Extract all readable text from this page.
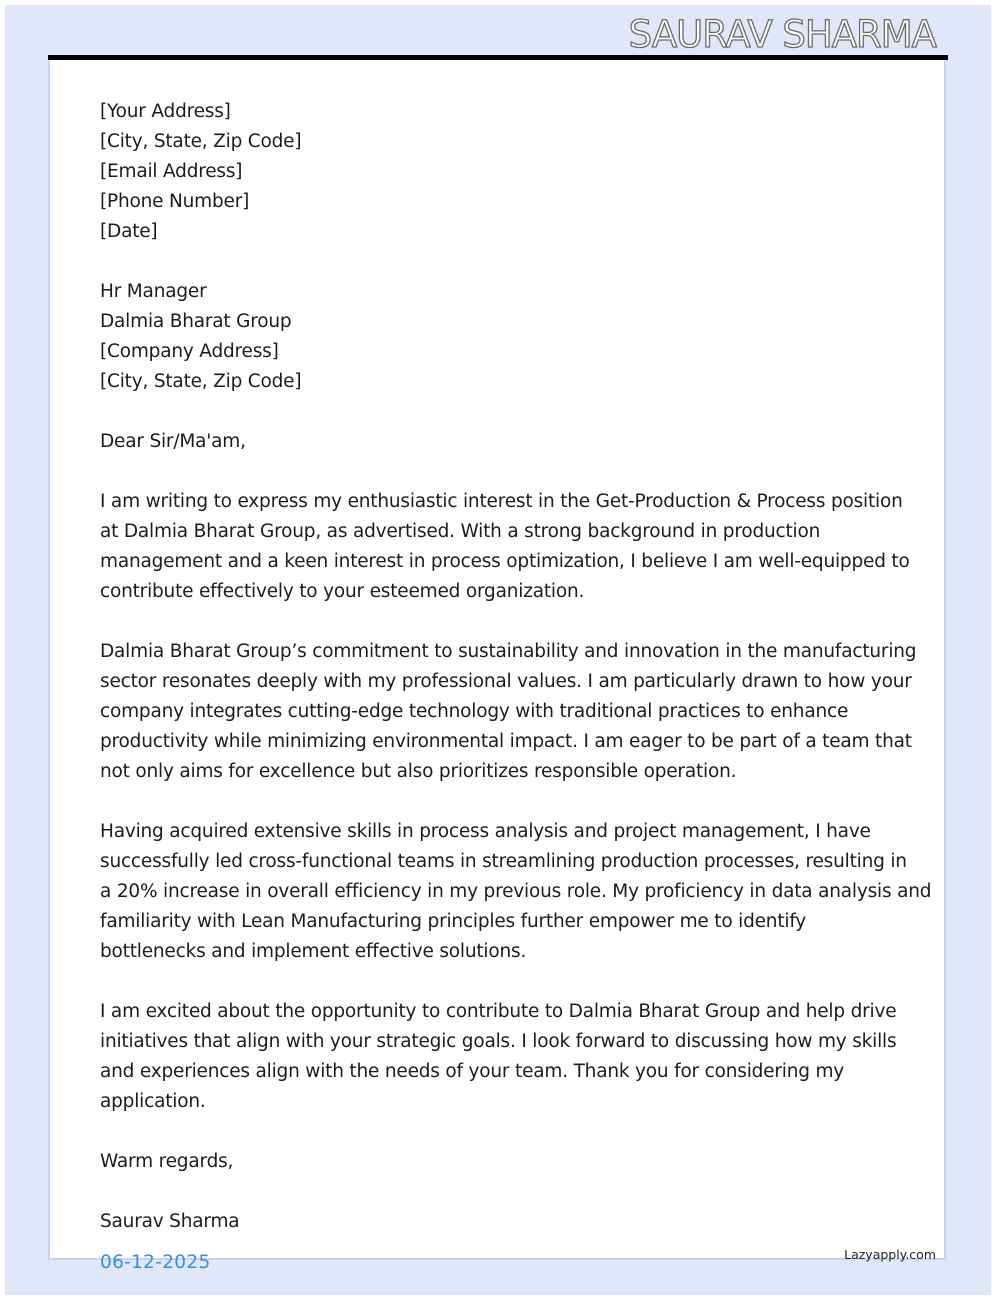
SAURAV SHARMA

[Your Address]
[City, State, Zip Code]
[Email Address]
[Phone Number]
[Date]

Hr Manager
Dalmia Bharat Group
[Company Address]
[City, State, Zip Code]

Dear Sir/Ma'am,

I am writing to express my enthusiastic interest in the Get-Production & Process position
at Dalmia Bharat Group, as advertised. With a strong background in production
management and a keen interest in process optimization, I believe I am well-equipped to
contribute effectively to your esteemed organization.

Dalmia Bharat Group’s commitment to sustainability and innovation in the manufacturing
sector resonates deeply with my professional values. I am particularly drawn to how your
company integrates cutting-edge technology with traditional practices to enhance
productivity while minimizing environmental impact. I am eager to be part of a team that
not only aims for excellence but also prioritizes responsible operation.

Having acquired extensive skills in process analysis and project management, I have
successfully led cross-functional teams in streamlining production processes, resulting in
a 20% increase in overall efficiency in my previous role. My proficiency in data analysis and
familiarity with Lean Manufacturing principles further empower me to identify
bottlenecks and implement effective solutions.

I am excited about the opportunity to contribute to Dalmia Bharat Group and help drive
initiatives that align with your strategic goals. I look forward to discussing how my skills
and experiences align with the needs of your team. Thank you for considering my
application.

Warm regards,

Saurav Sharma

06-12-2025	Lazyapply.com
